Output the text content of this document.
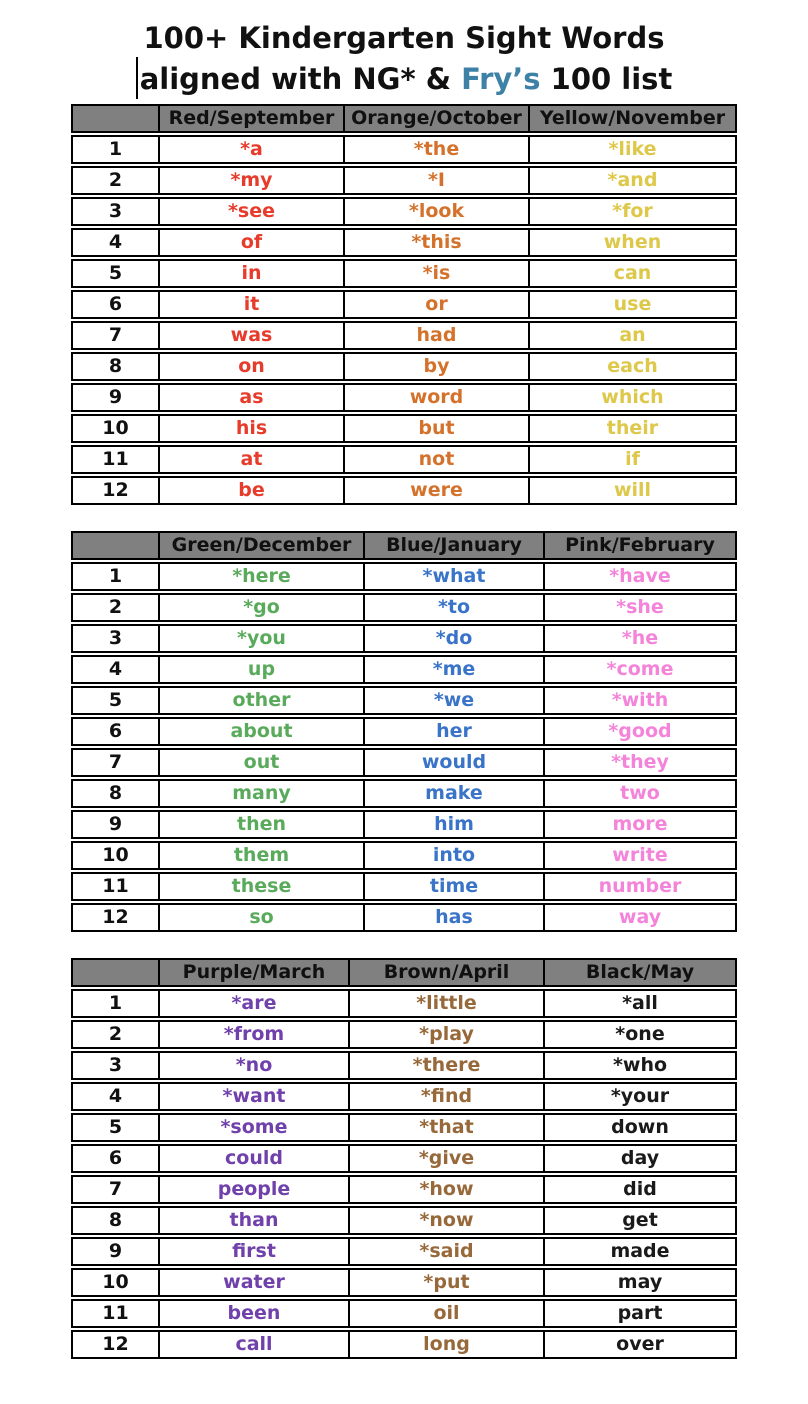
100+ Kindergarten Sight Words
aligned with NG* & Fry’s 100 list
Red/September Orange/October Yellow/November
1	*a	*the	*like
2	*my	*I	*and
3	*see	*look	*for
4	of	*this	when
5	in	*is	can
6	it	or	use
7	was	had	an
8	on	by	each
9	as	word	which
10	his	but	their
11	at	not	if
12	be	were	will
Green/December	Blue/January	Pink/February
1	*here	*what	*have
2	*go	*to	*she
3	*you	*do	*he
4	up	*me	*come
5	other	*we	*with
6	about	her	*good
7	out	would	*they
8	many	make	two
9	then	him	more
10	them	into	write
11	these	time	number
12	so	has	way
Purple/March	Brown/April	Black/May
1	*are	*little	*all
2	*from	*play	*one
3	*no	*there	*who
4	*want	*find	*your
5	*some	*that	down
6	could	*give	day
7	people	*how	did
8	than	*now	get
9	first	*said	made
10	water	*put	may
11	been	oil	part
12	call	long	over
